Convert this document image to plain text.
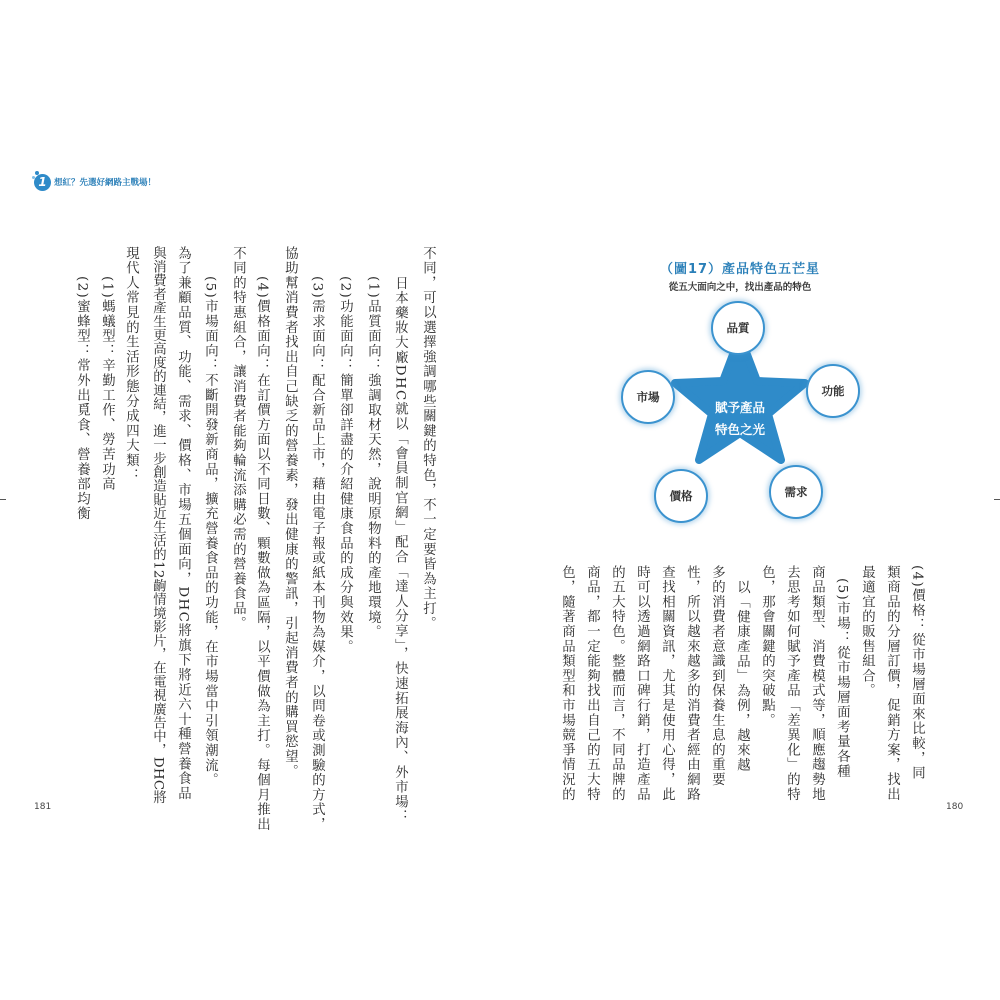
1 想紅？先選好網路主戰場！
不同，可以選擇強調哪些關鍵的特色，不一定要皆為主打。
日本藥妝大廠DHC就以「會員制官網」配合「達人分享」，快速拓展海內、外市場：
(1)品質面向：強調取材天然，說明原物料的產地環境。
(2)功能面向：簡單卻詳盡的介紹健康食品的成分與效果。
(3)需求面向：配合新品上市，藉由電子報或紙本刊物為媒介，以問卷或測驗的方式，
協助幫消費者找出自己缺乏的營養素，發出健康的警訊，引起消費者的購買慾望。
(4)價格面向：在訂價方面以不同日數、顆數做為區隔，以平價做為主打。每個月推出
不同的特惠組合，讓消費者能夠輪流添購必需的營養食品。
(5)市場面向：不斷開發新商品，擴充營養食品的功能，在市場當中引領潮流。
為了兼顧品質、功能、需求、價格、市場五個面向，DHC將旗下將近六十種營養食品
與消費者產生更高度的連結，進一步創造貼近生活的12齣情境影片，在電視廣告中，DHC將
現代人常見的生活形態分成四大類：
(1)螞蟻型：辛勤工作、勞苦功高
(2)蜜蜂型：常外出覓食、營養部均衡
181
（圖17）產品特色五芒星
從五大面向之中，找出產品的特色
賦予產品
特色之光
品質
功能
需求
價格
市場
(4)價格：從市場層面來比較，同
類商品的分層訂價，促銷方案，找出
最適宜的販售組合。
(5)市場：從市場層面考量各種
商品類型、消費模式等，順應趨勢地
去思考如何賦予產品「差異化」的特
色，那會關鍵的突破點。
以「健康產品」為例，越來越
多的消費者意識到保養生息的重要
性，所以越來越多的消費者經由網路
查找相關資訊，尤其是使用心得，此
時可以透過網路口碑行銷，打造產品
的五大特色。整體而言，不同品牌的
商品，都一定能夠找出自己的五大特
色，隨著商品類型和市場競爭情況的
180
